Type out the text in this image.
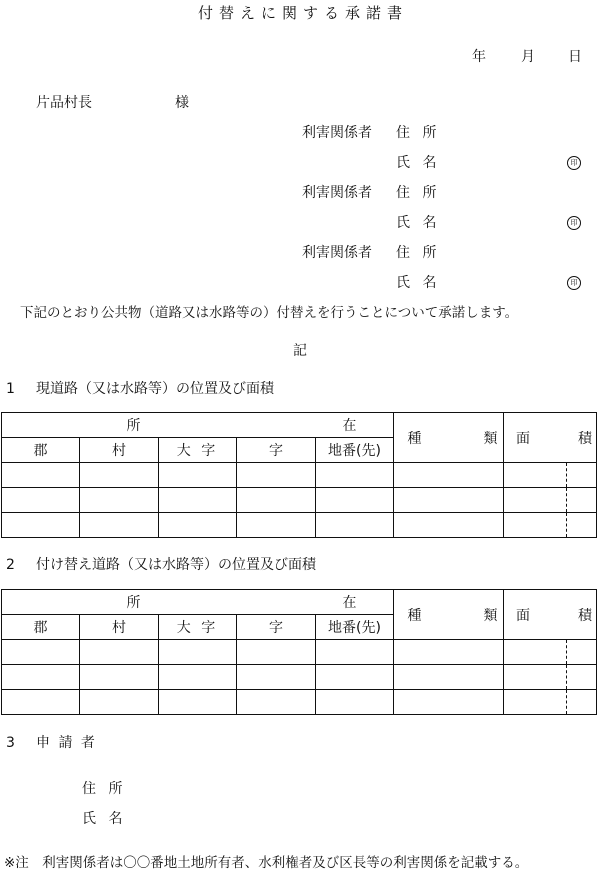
付替えに関する承諾書
年	月 日
片品村長	様
利害関係者 住 所
氏 名	印
利害関係者 住 所
氏 名	印
利害関係者 住 所
氏 名	印
下記のとおり公共物（道路又は水路等の）付替えを行うことについて承諾します。
記
1 現道路（又は水路等）の位置及び面積
所 在					種 類	面 積
郡	村	大 字	字	地番(先)		

2 付け替え道路（又は水路等）の位置及び面積
所 在					種 類	面 積
郡	村	大 字	字	地番(先)		

3 申 請 者
住 所
氏 名
※注　利害関係者は〇〇番地土地所有者、水利権者及び区長等の利害関係を記載する。
